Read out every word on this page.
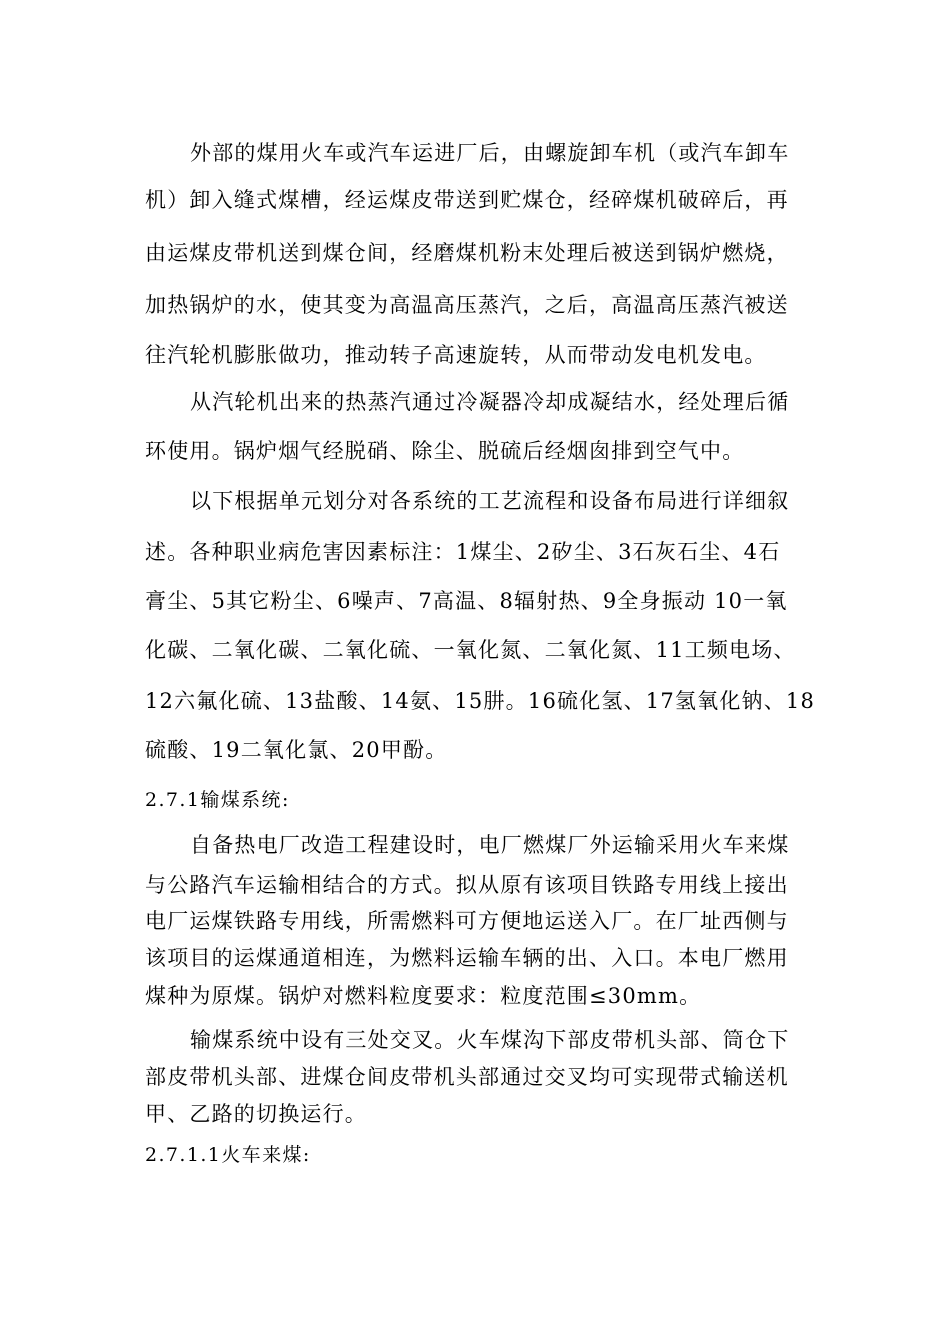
外部的煤用火车或汽车运进厂后，由螺旋卸车机（或汽车卸车
机）卸入缝式煤槽，经运煤皮带送到贮煤仓，经碎煤机破碎后，再
由运煤皮带机送到煤仓间，经磨煤机粉末处理后被送到锅炉燃烧，
加热锅炉的水，使其变为高温高压蒸汽，之后，高温高压蒸汽被送
往汽轮机膨胀做功，推动转子高速旋转，从而带动发电机发电。
从汽轮机出来的热蒸汽通过冷凝器冷却成凝结水，经处理后循
环使用。锅炉烟气经脱硝、除尘、脱硫后经烟囱排到空气中。
以下根据单元划分对各系统的工艺流程和设备布局进行详细叙
述。各种职业病危害因素标注：1煤尘、2矽尘、3石灰石尘、4石
膏尘、5其它粉尘、6噪声、7高温、8辐射热、9全身振动 10一氧
化碳、二氧化碳、二氧化硫、一氧化氮、二氧化氮、11工频电场、
12六氟化硫、13盐酸、14氨、15肼。16硫化氢、17氢氧化钠、18
硫酸、19二氧化氯、20甲酚。
2.7.1输煤系统:
自备热电厂改造工程建设时，电厂燃煤厂外运输采用火车来煤
与公路汽车运输相结合的方式。拟从原有该项目铁路专用线上接出
电厂运煤铁路专用线，所需燃料可方便地运送入厂。在厂址西侧与
该项目的运煤通道相连，为燃料运输车辆的出、入口。本电厂燃用
煤种为原煤。锅炉对燃料粒度要求：粒度范围≤30mm。
输煤系统中设有三处交叉。火车煤沟下部皮带机头部、筒仓下
部皮带机头部、进煤仓间皮带机头部通过交叉均可实现带式输送机
甲、乙路的切换运行。
2.7.1.1火车来煤:
